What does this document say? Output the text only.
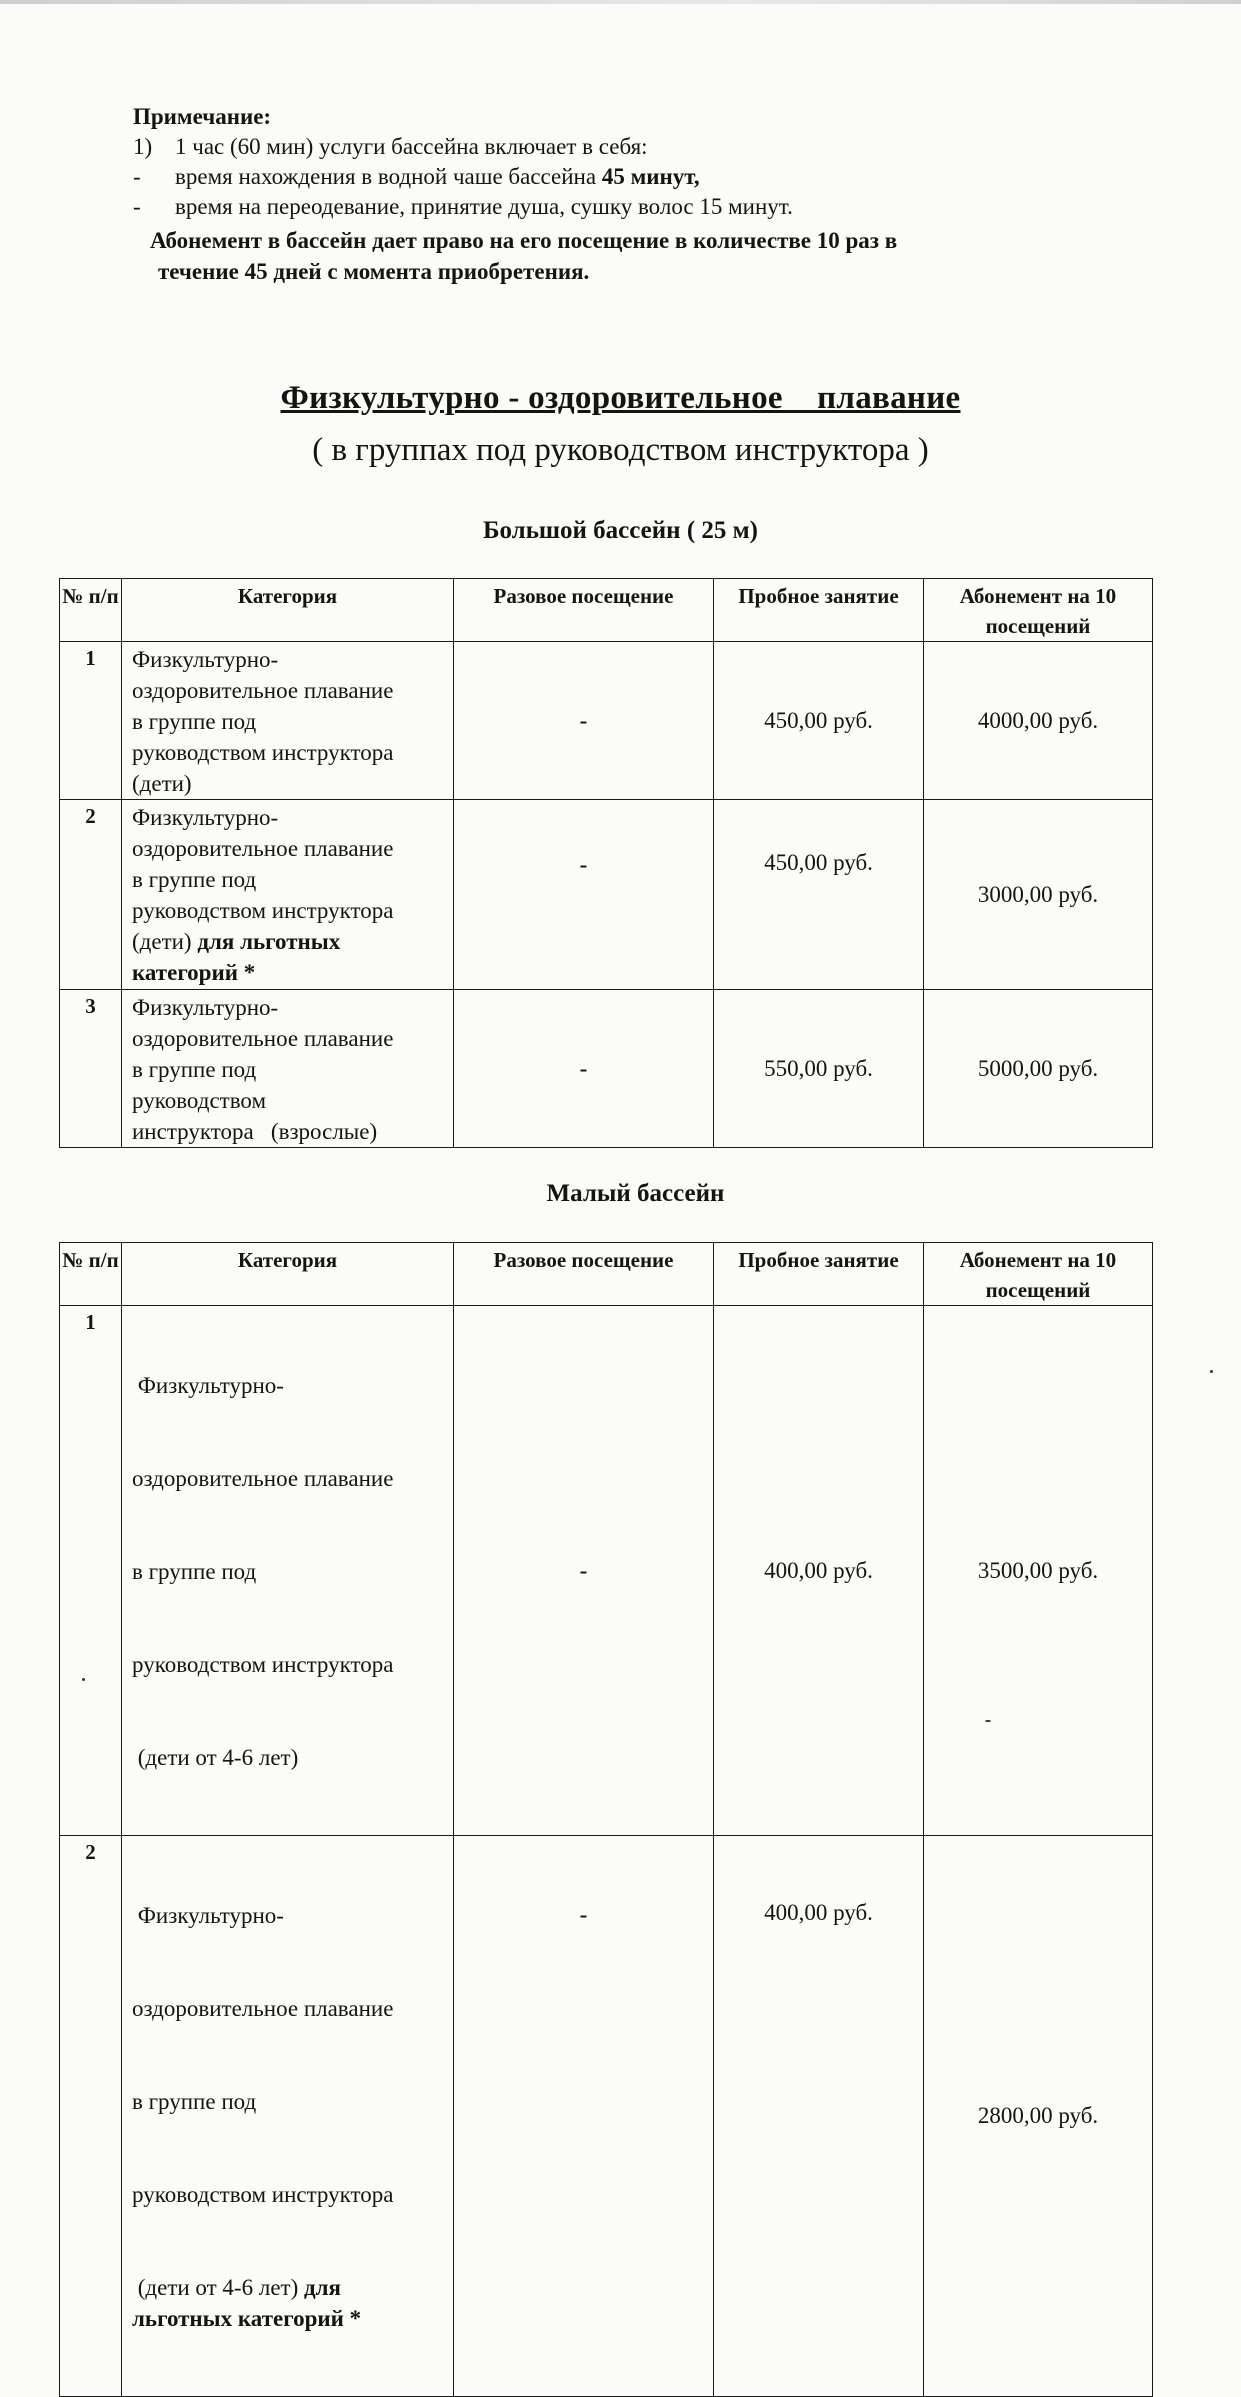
Примечание:
1) 1 час (60 мин) услуги бассейна включает в себя:
- время нахождения в водной чаше бассейна 45 минут,
- время на переодевание, принятие душа, сушку волос 15 минут.
Абонемент в бассейн дает право на его посещение в количестве 10 раз в
течение 45 дней с момента приобретения.
Физкультурно - оздоровительное    плавание
( в группах под руководством инструктора )
Большой бассейн ( 25 м)
№ п/п	Категория	Разовое посещение	Пробное занятие	Абонемент на 10 посещений
1	Физкультурно-
оздоровительное плавание
в группе под
руководством инструктора
(дети)	-	450,00 руб.	4000,00 руб.
2	Физкультурно-
оздоровительное плавание
в группе под
руководством инструктора
(дети) для льготных категорий *	-	450,00 руб.	3000,00 руб.
3	Физкультурно-
оздоровительное плавание
в группе под
руководством
инструктора   (взрослые)	-	550,00 руб.	5000,00 руб.
Малый бассейн
№ п/п	Категория	Разовое посещение	Пробное занятие	Абонемент на 10 посещений
1	Физкультурно-

оздоровительное плавание

в группе под

руководством инструктора

(дети от 4-6 лет)	-	400,00 руб.	3500,00 руб.
2	Физкультурно-

оздоровительное плавание

в группе под

руководством инструктора

(дети от 4-6 лет) для льготных категорий *	-	400,00 руб.	2800,00 руб.
